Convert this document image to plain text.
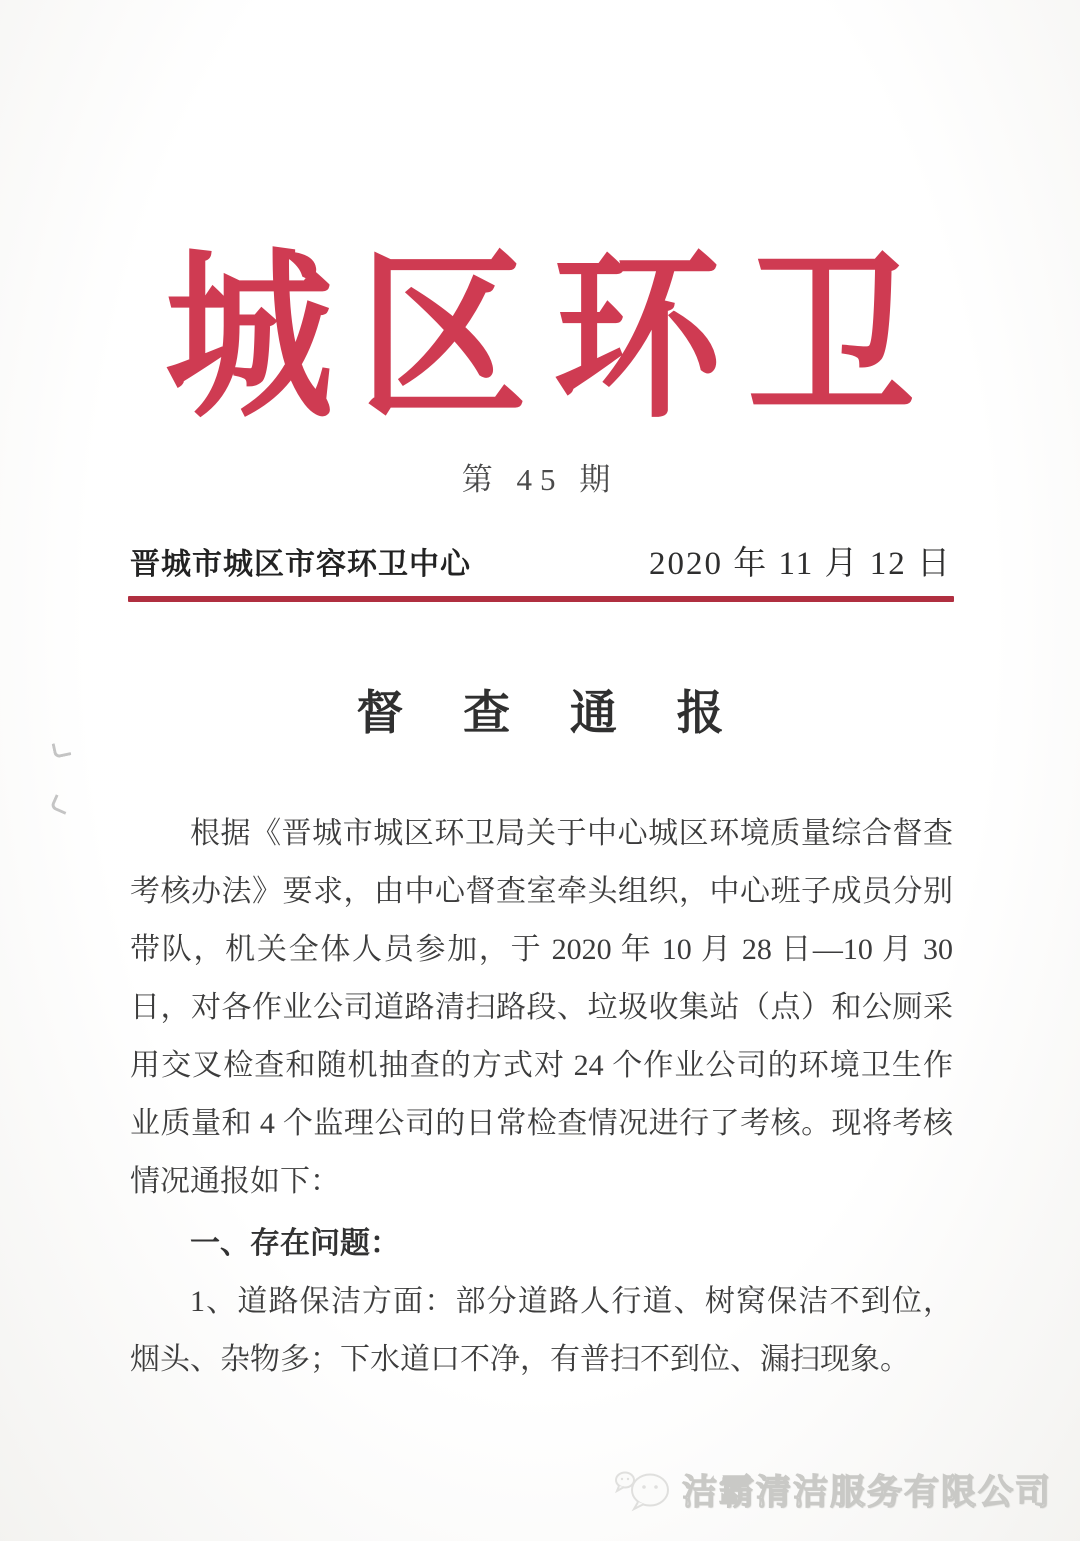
城区环卫
第 45 期
晋城市城区市容环卫中心	2020 年 11 月 12 日
督 查 通 报

根据《晋城市城区环卫局关于中心城区环境质量综合督查考核办法》要求，由中心督查室牵头组织，中心班子成员分别带队，机关全体人员参加，于 2020 年 10 月 28 日—10 月 30 日，对各作业公司道路清扫路段、垃圾收集站（点）和公厕采用交叉检查和随机抽查的方式对 24 个作业公司的环境卫生作业质量和 4 个监理公司的日常检查情况进行了考核。现将考核情况通报如下：

一、存在问题：

1、道路保洁方面：部分道路人行道、树窝保洁不到位，烟头、杂物多；下水道口不净，有普扫不到位、漏扫现象。

洁霸清洁服务有限公司
